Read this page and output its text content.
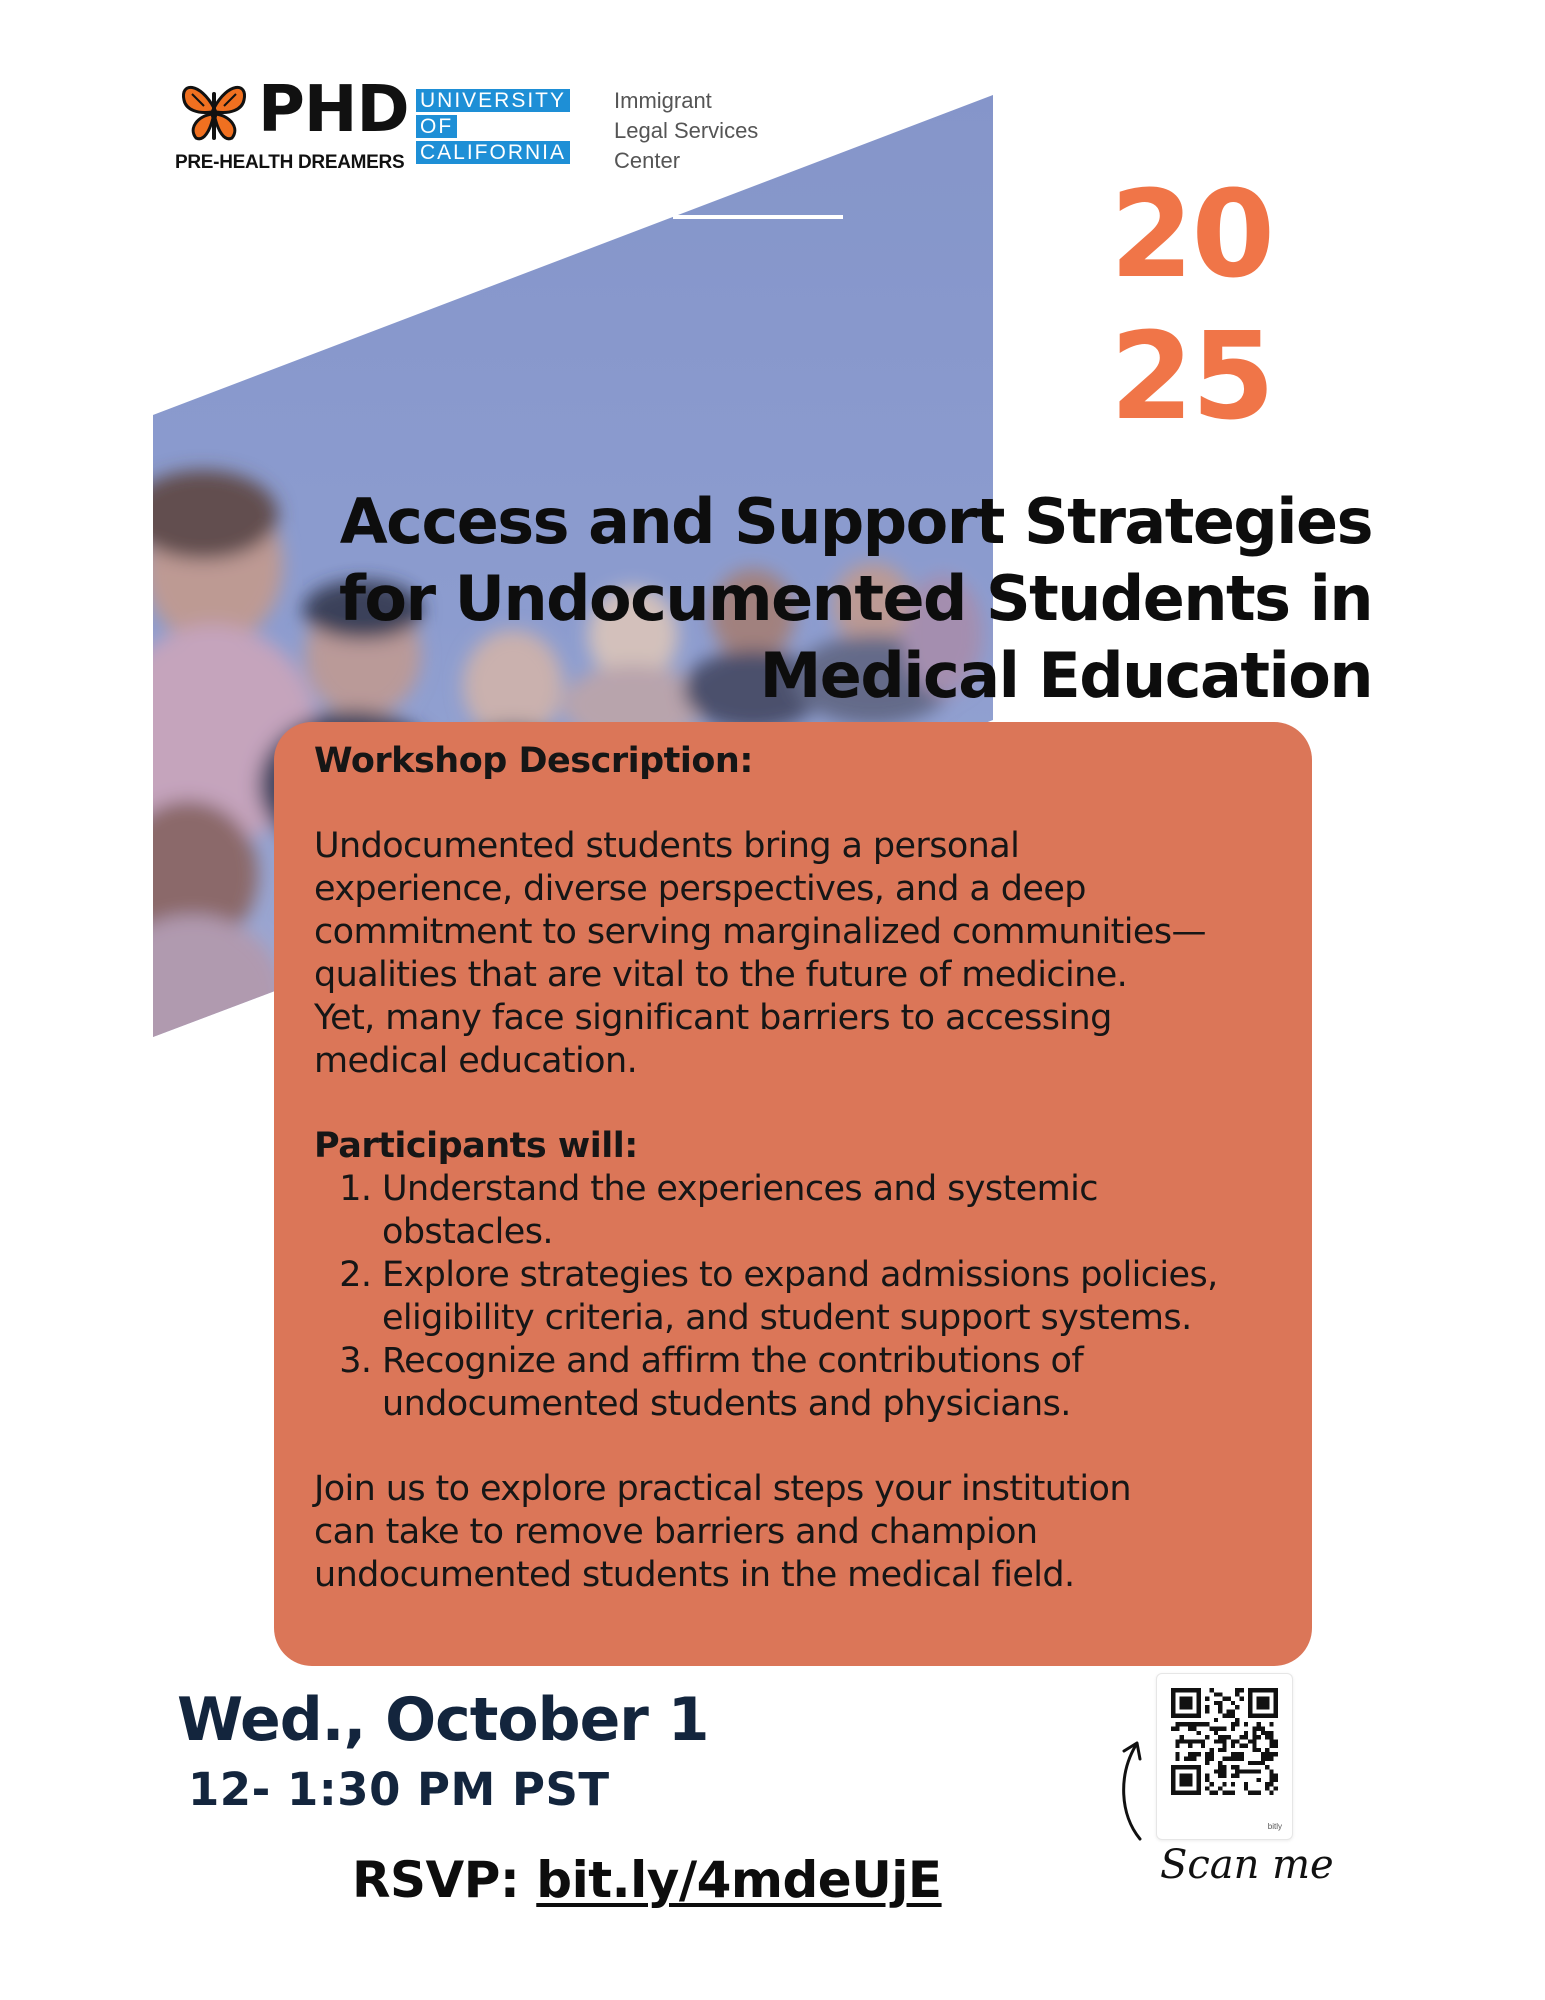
PHD
PRE-HEALTH DREAMERS
UNIVERSITY
OF
CALIFORNIA
Immigrant
Legal Services
Center
20
25
Access and Support Strategies
for Undocumented Students in
Medical Education

Workshop Description:

Undocumented students bring a personal

experience, diverse perspectives, and a deep

commitment to serving marginalized communities—

qualities that are vital to the future of medicine.

Yet, many face significant barriers to accessing

medical education.

Participants will:

1. Understand the experiences and systemic obstacles.
2. Explore strategies to expand admissions policies, eligibility criteria, and student support systems.
3. Recognize and affirm the contributions of undocumented students and physicians.

Join us to explore practical steps your institution

can take to remove barriers and champion

undocumented students in the medical field.

Wed., October 1
12- 1:30 PM PST
RSVP: bit.ly/4mdeUjE
bitly
Scan me
